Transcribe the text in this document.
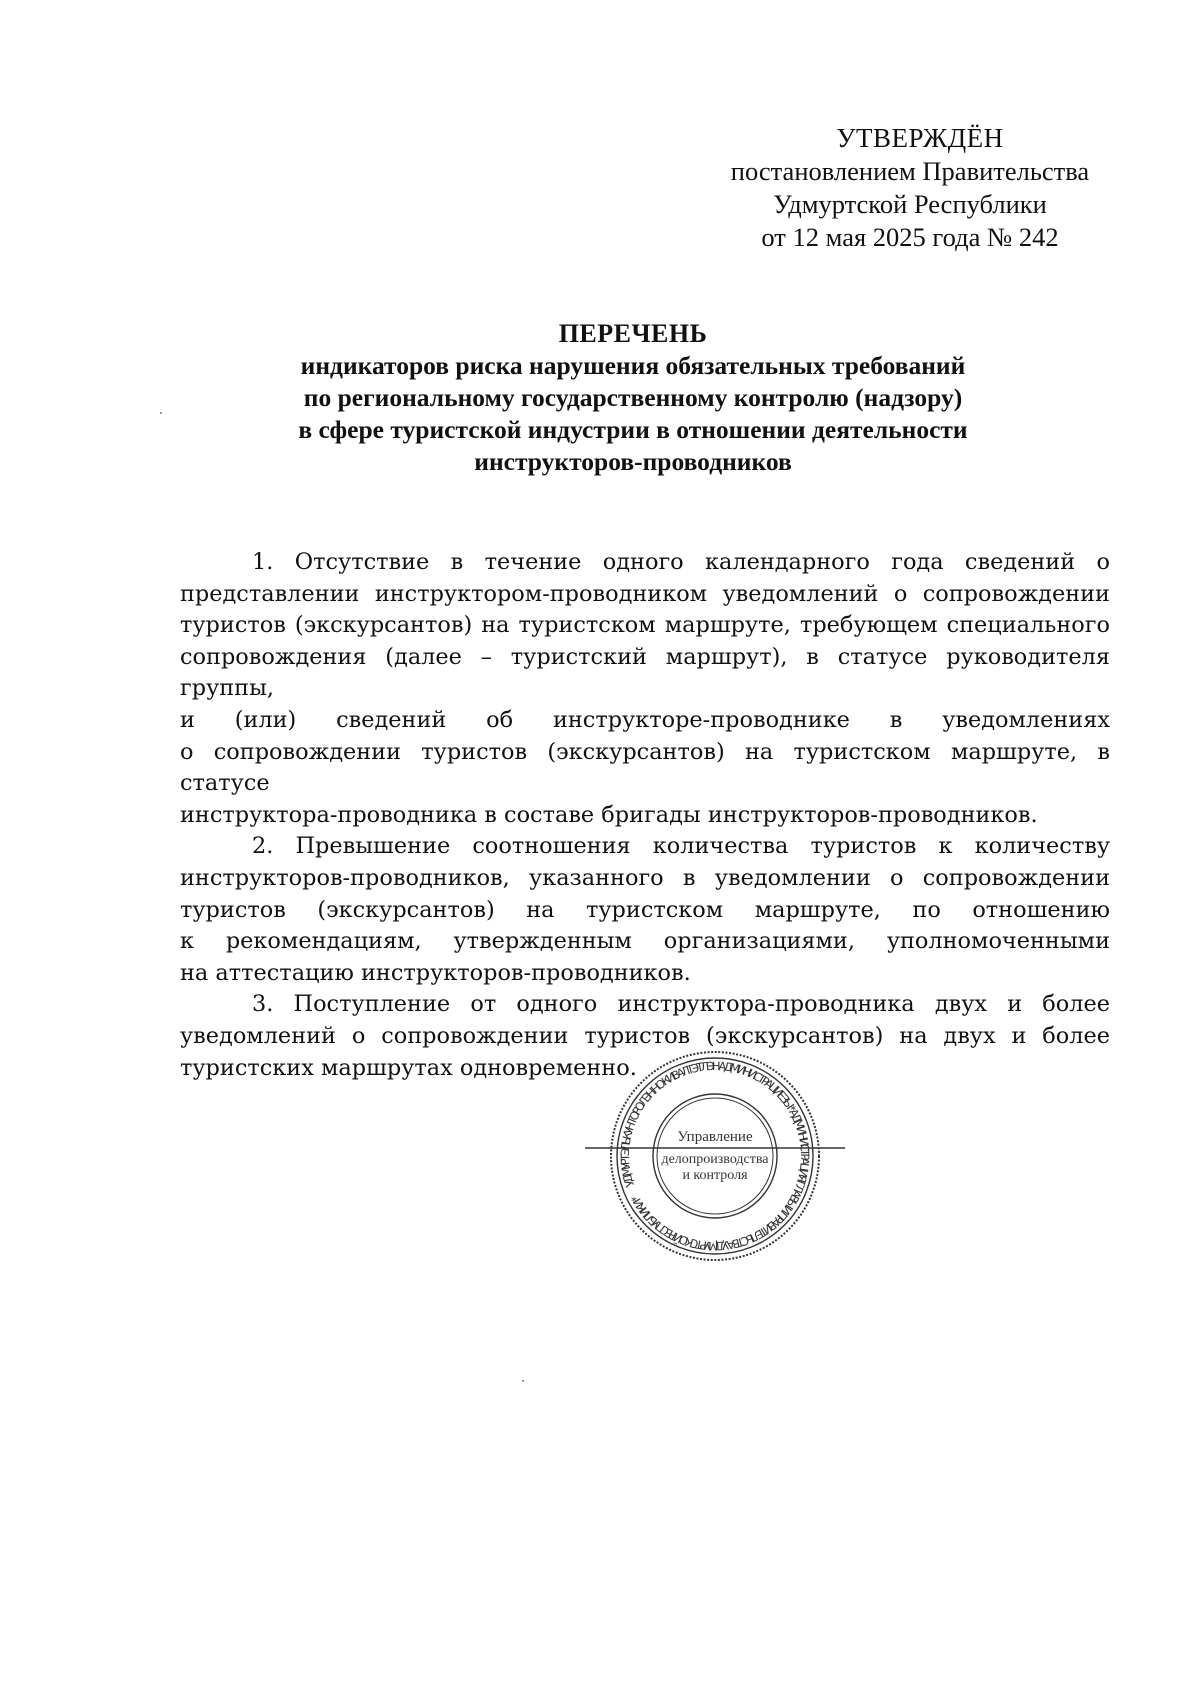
УТВЕРЖДЁН
постановлением Правительства
Удмуртской Республики
от 12 мая 2025 года № 242
ПЕРЕЧЕНЬ
индикаторов риска нарушения обязательных требований
по региональному государственному контролю (надзору)
в сфере туристской индустрии в отношении деятельности
инструкторов-проводников
1. Отсутствие в течение одного календарного года сведений о
представлении инструктором-проводником уведомлений о сопровождении
туристов (экскурсантов) на туристском маршруте, требующем специального
сопровождения (далее – туристский маршрут), в статусе руководителя группы,
и (или) сведений об инструкторе-проводнике в уведомлениях
о сопровождении туристов (экскурсантов) на туристском маршруте, в статусе
инструктора-проводника в составе бригады инструкторов-проводников.
2. Превышение соотношения количества туристов к количеству
инструкторов-проводников, указанного в уведомлении о сопровождении
туристов (экскурсантов) на туристском маршруте, по отношению
к рекомендациям, утвержденным организациями, уполномоченными
на аттестацию инструкторов-проводников.
3. Поступление от одного инструктора-проводника двух и более
уведомлений о сопровождении туристов (экскурсантов) на двух и более
туристских маршрутах одновременно.
УДМУРТ ЭЛЬКУН ТОРОЛЭН НО КИВАЛТЭТЛЭН АДМИНИСТРАЦИЕЗЫ * АДМИНИСТРАЦИЯ ГЛАВЫ И ПРАВИТЕЛЬСТВА УДМУРТСКОЙ РЕСПУБЛИКИ *
Управление
делопроизводства
и контроля
